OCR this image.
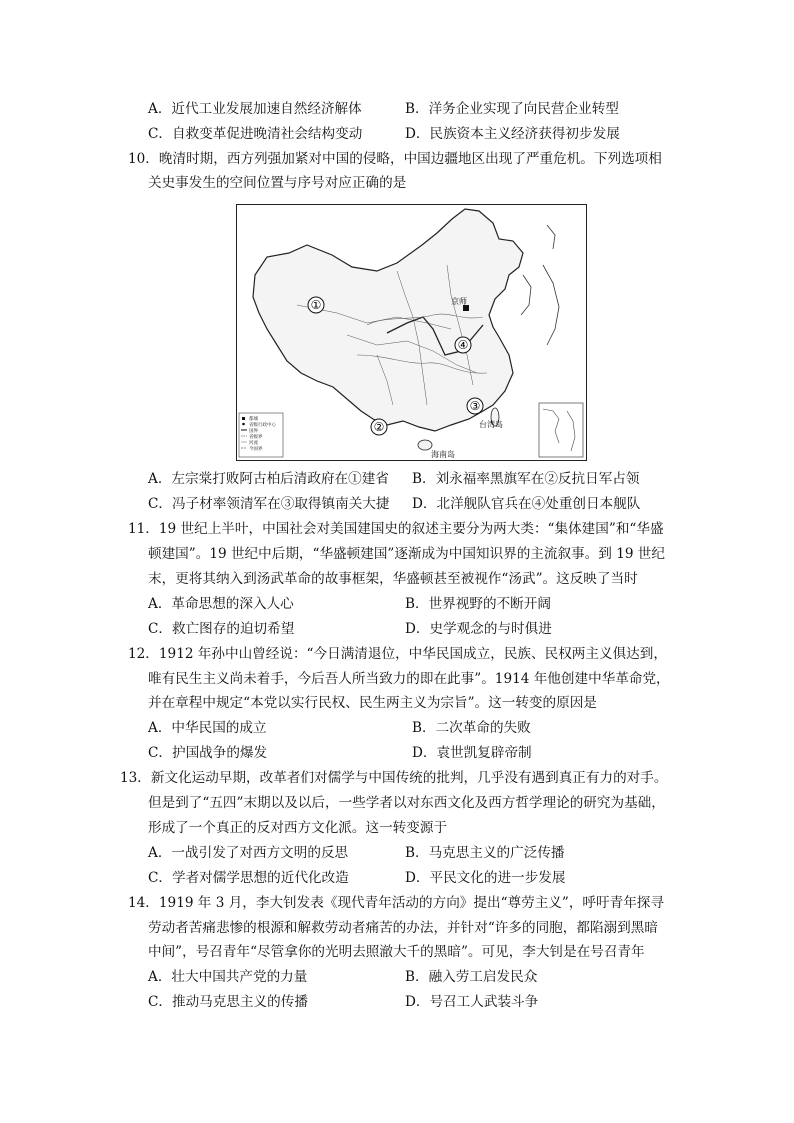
A．近代工业发展加速自然经济解体	B．洋务企业实现了向民营企业转型
C．自救变革促进晚清社会结构变动	D．民族资本主义经济获得初步发展
10．晚清时期，西方列强加紧对中国的侵略，中国边疆地区出现了严重危机。下列选项相
关史事发生的空间位置与序号对应正确的是
①
②
③
④
京师
台湾岛
海南岛
都城
省级行政中心
国界
省级界
河流
今国界
A．左宗棠打败阿古柏后清政府在①建省 B．刘永福率黑旗军在②反抗日军占领
C．冯子材率领清军在③取得镇南关大捷 D．北洋舰队官兵在④处重创日本舰队
11．19 世纪上半叶，中国社会对美国建国史的叙述主要分为两大类：“集体建国”和“华盛
顿建国”。19 世纪中后期，“华盛顿建国”逐渐成为中国知识界的主流叙事。到 19 世纪
末，更将其纳入到汤武革命的故事框架，华盛顿甚至被视作“汤武”。这反映了当时
A．革命思想的深入人心	B．世界视野的不断开阔
C．救亡图存的迫切希望	D．史学观念的与时俱进
12．1912 年孙中山曾经说：“今日满清退位，中华民国成立，民族、民权两主义俱达到，
唯有民生主义尚未着手，今后吾人所当致力的即在此事”。1914 年他创建中华革命党，
并在章程中规定“本党以实行民权、民生两主义为宗旨”。这一转变的原因是
A．中华民国的成立	B．二次革命的失败
C．护国战争的爆发	D．袁世凯复辟帝制
13．新文化运动早期，改革者们对儒学与中国传统的批判，几乎没有遇到真正有力的对手。
但是到了“五四”末期以及以后，一些学者以对东西文化及西方哲学理论的研究为基础，
形成了一个真正的反对西方文化派。这一转变源于
A．一战引发了对西方文明的反思	B．马克思主义的广泛传播
C．学者对儒学思想的近代化改造	D．平民文化的进一步发展
14．1919 年 3 月，李大钊发表《现代青年活动的方向》提出“尊劳主义”，呼吁青年探寻
劳动者苦痛悲惨的根源和解救劳动者痛苦的办法，并针对“许多的同胞，都陷溺到黑暗
中间”，号召青年“尽管拿你的光明去照澈大千的黑暗”。可见，李大钊是在号召青年
A．壮大中国共产党的力量	B．融入劳工启发民众
C．推动马克思主义的传播	D．号召工人武装斗争
